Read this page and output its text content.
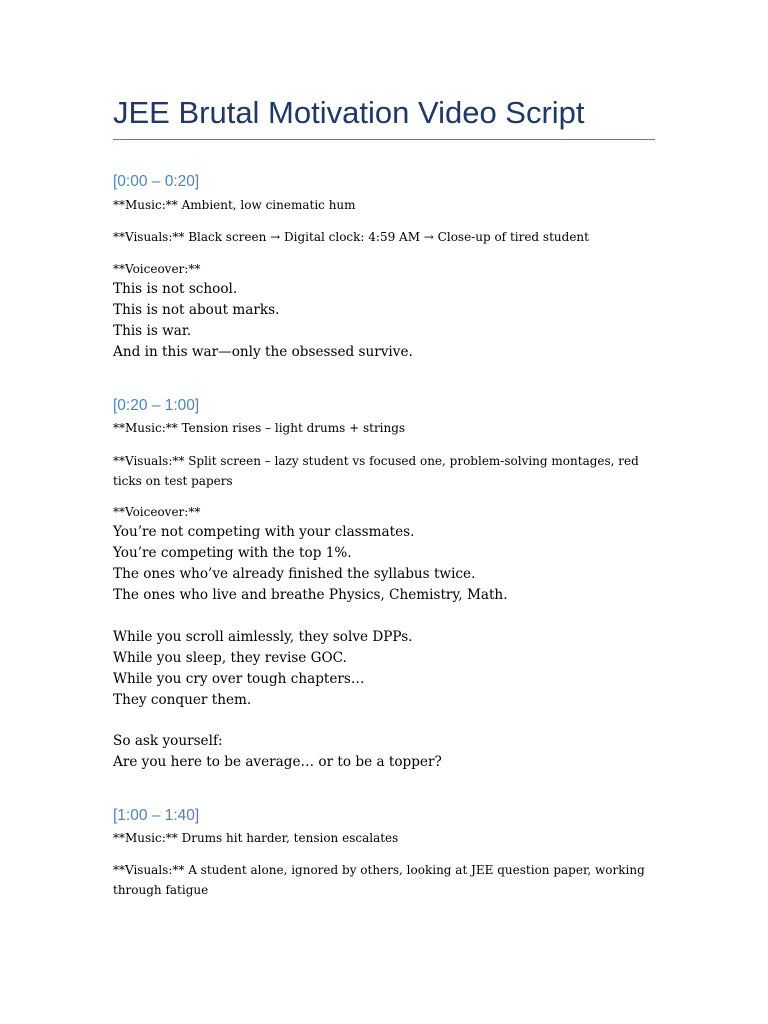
JEE Brutal Motivation Video Script
[0:00 – 0:20]
**Music:** Ambient, low cinematic hum
**Visuals:** Black screen → Digital clock: 4:59 AM → Close-up of tired student
**Voiceover:**
This is not school.
This is not about marks.
This is war.
And in this war—only the obsessed survive.
[0:20 – 1:00]
**Music:** Tension rises – light drums + strings
**Visuals:** Split screen – lazy student vs focused one, problem-solving montages, red ticks on test papers
**Voiceover:**
You’re not competing with your classmates.
You’re competing with the top 1%.
The ones who’ve already finished the syllabus twice.
The ones who live and breathe Physics, Chemistry, Math.
While you scroll aimlessly, they solve DPPs.
While you sleep, they revise GOC.
While you cry over tough chapters…
They conquer them.
So ask yourself:
Are you here to be average… or to be a topper?
[1:00 – 1:40]
**Music:** Drums hit harder, tension escalates
**Visuals:** A student alone, ignored by others, looking at JEE question paper, working through fatigue
